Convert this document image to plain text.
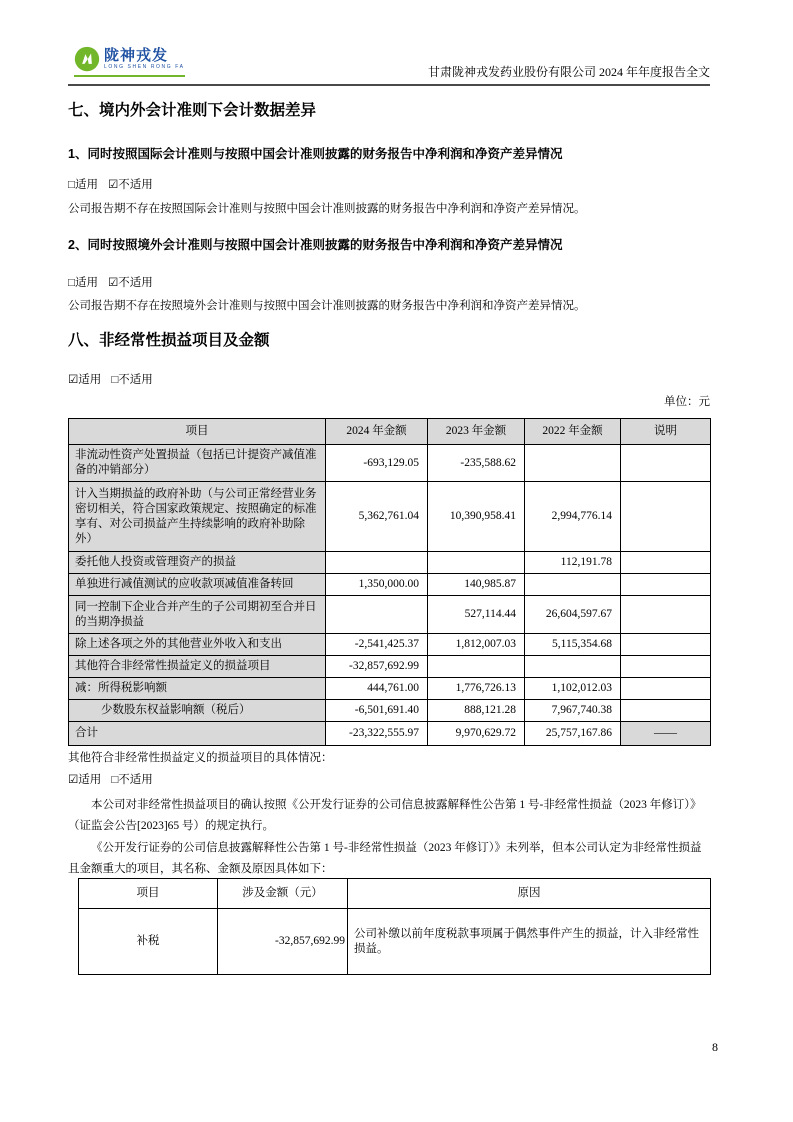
陇神戎发
LONG SHEN RONG FA	甘肃陇神戎发药业股份有限公司 2024 年年度报告全文
七、境内外会计准则下会计数据差异
1、同时按照国际会计准则与按照中国会计准则披露的财务报告中净利润和净资产差异情况
□适用 ☑不适用
公司报告期不存在按照国际会计准则与按照中国会计准则披露的财务报告中净利润和净资产差异情况。
2、同时按照境外会计准则与按照中国会计准则披露的财务报告中净利润和净资产差异情况
□适用 ☑不适用
公司报告期不存在按照境外会计准则与按照中国会计准则披露的财务报告中净利润和净资产差异情况。
八、非经常性损益项目及金额
☑适用 □不适用
单位：元
项目	2024 年金额	2023 年金额	2022 年金额	说明
非流动性资产处置损益（包括已计提资产减值准备的冲销部分）	-693,129.05	-235,588.62		
计入当期损益的政府补助（与公司正常经营业务密切相关，符合国家政策规定、按照确定的标准享有、对公司损益产生持续影响的政府补助除外）	5,362,761.04	10,390,958.41	2,994,776.14	
委托他人投资或管理资产的损益			112,191.78	
单独进行减值测试的应收款项减值准备转回	1,350,000.00	140,985.87		
同一控制下企业合并产生的子公司期初至合并日的当期净损益		527,114.44	26,604,597.67	
除上述各项之外的其他营业外收入和支出	-2,541,425.37	1,812,007.03	5,115,354.68	
其他符合非经常性损益定义的损益项目	-32,857,692.99			
减：所得税影响额	444,761.00	1,776,726.13	1,102,012.03	
少数股东权益影响额（税后）	-6,501,691.40	888,121.28	7,967,740.38	
合计	-23,322,555.97	9,970,629.72	25,757,167.86	——
其他符合非经常性损益定义的损益项目的具体情况：
☑适用 □不适用

本公司对非经常性损益项目的确认按照《公开发行证券的公司信息披露解释性公告第 1 号-非经常性损益（2023 年修订）》（证监会公告[2023]65 号）的规定执行。

《公开发行证券的公司信息披露解释性公告第 1 号-非经常性损益（2023 年修订）》未列举，但本公司认定为非经常性损益且金额重大的项目，其名称、金额及原因具体如下：

项目	涉及金额（元）	原因
补税	-32,857,692.99	公司补缴以前年度税款事项属于偶然事件产生的损益，计入非经常性损益。
8
